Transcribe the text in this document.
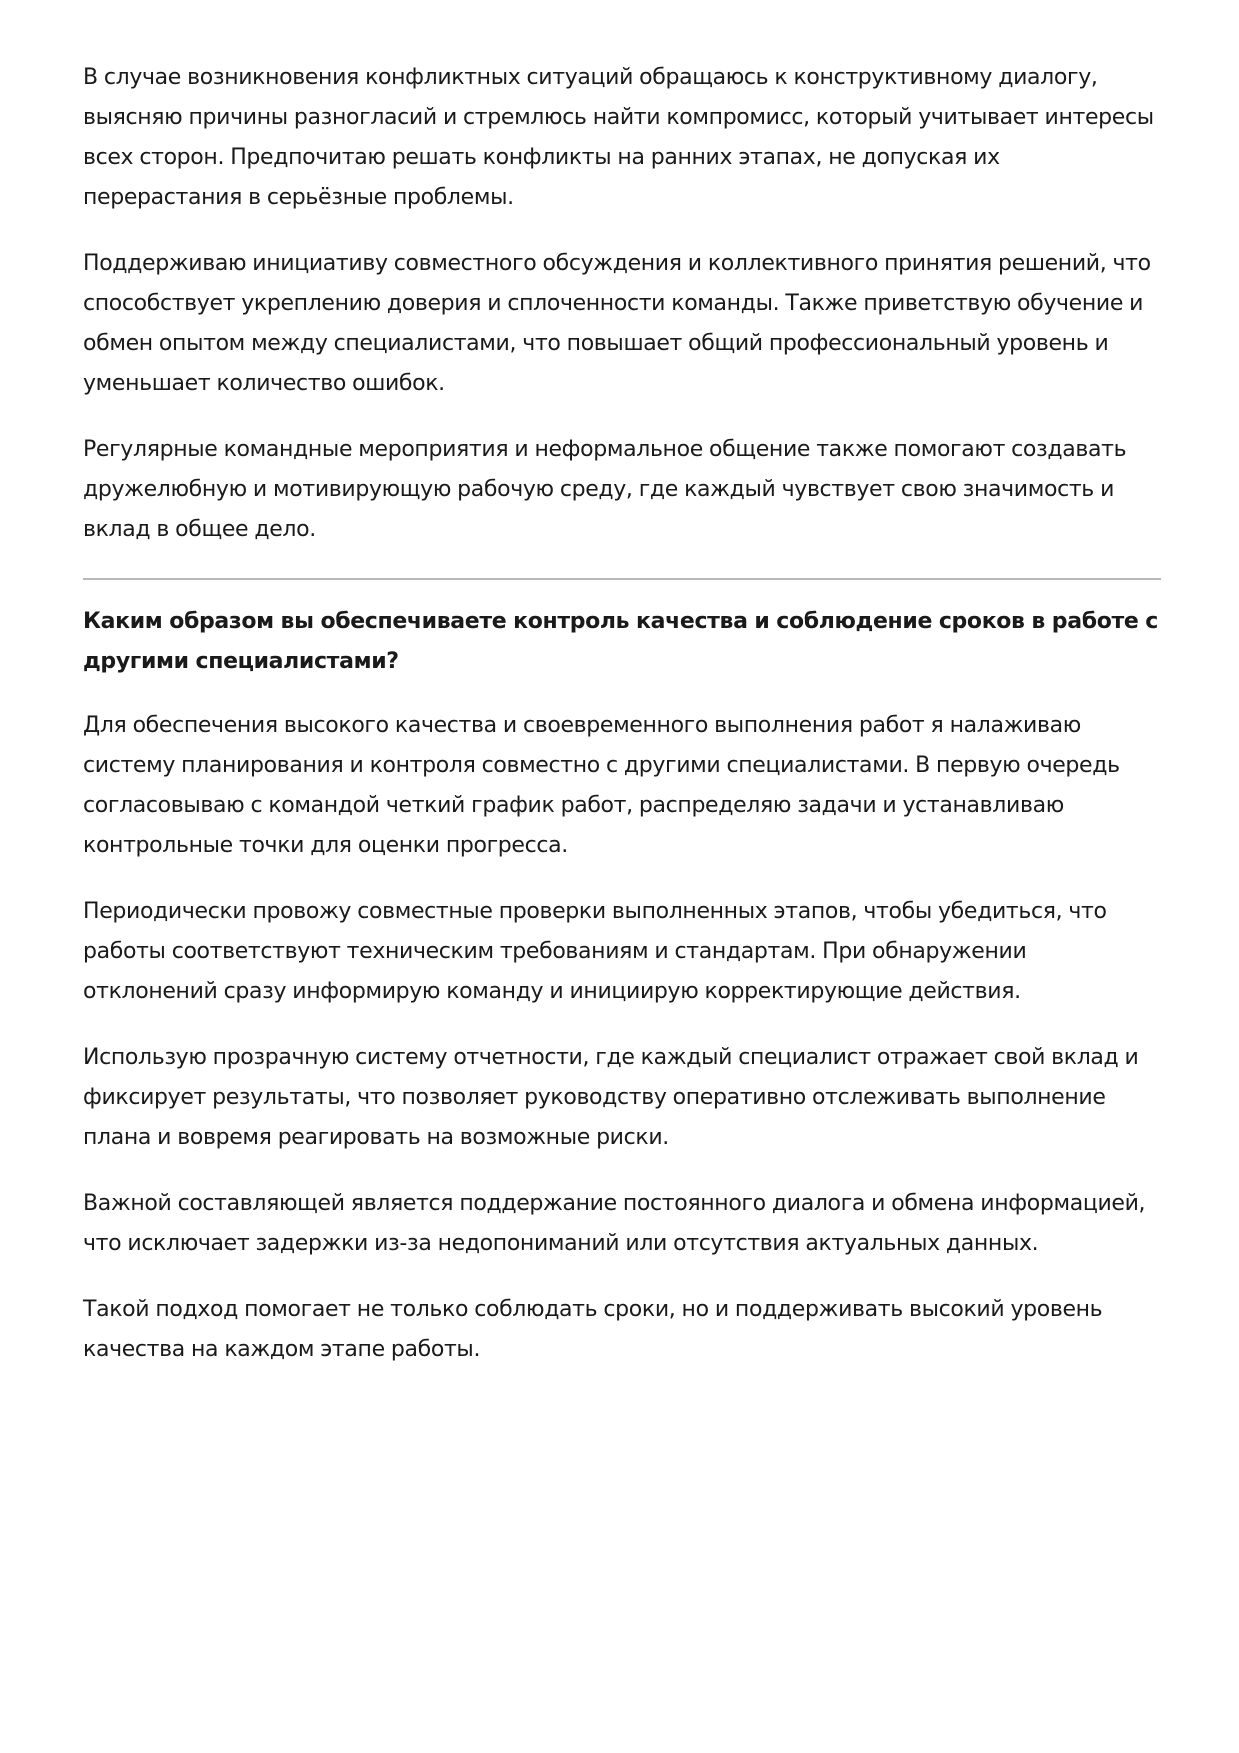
В случае возникновения конфликтных ситуаций обращаюсь к конструктивному диалогу, выясняю причины разногласий и стремлюсь найти компромисс, который учитывает интересы всех сторон. Предпочитаю решать конфликты на ранних этапах, не допуская их перерастания в серьёзные проблемы.

Поддерживаю инициативу совместного обсуждения и коллективного принятия решений, что способствует укреплению доверия и сплоченности команды. Также приветствую обучение и обмен опытом между специалистами, что повышает общий профессиональный уровень и уменьшает количество ошибок.

Регулярные командные мероприятия и неформальное общение также помогают создавать дружелюбную и мотивирующую рабочую среду, где каждый чувствует свою значимость и вклад в общее дело.

Каким образом вы обеспечиваете контроль качества и соблюдение сроков в работе с другими специалистами?

Для обеспечения высокого качества и своевременного выполнения работ я налаживаю систему планирования и контроля совместно с другими специалистами. В первую очередь согласовываю с командой четкий график работ, распределяю задачи и устанавливаю контрольные точки для оценки прогресса.

Периодически провожу совместные проверки выполненных этапов, чтобы убедиться, что работы соответствуют техническим требованиям и стандартам. При обнаружении отклонений сразу информирую команду и инициирую корректирующие действия.

Использую прозрачную систему отчетности, где каждый специалист отражает свой вклад и фиксирует результаты, что позволяет руководству оперативно отслеживать выполнение плана и вовремя реагировать на возможные риски.

Важной составляющей является поддержание постоянного диалога и обмена информацией, что исключает задержки из-за недопониманий или отсутствия актуальных данных.

Такой подход помогает не только соблюдать сроки, но и поддерживать высокий уровень качества на каждом этапе работы.
